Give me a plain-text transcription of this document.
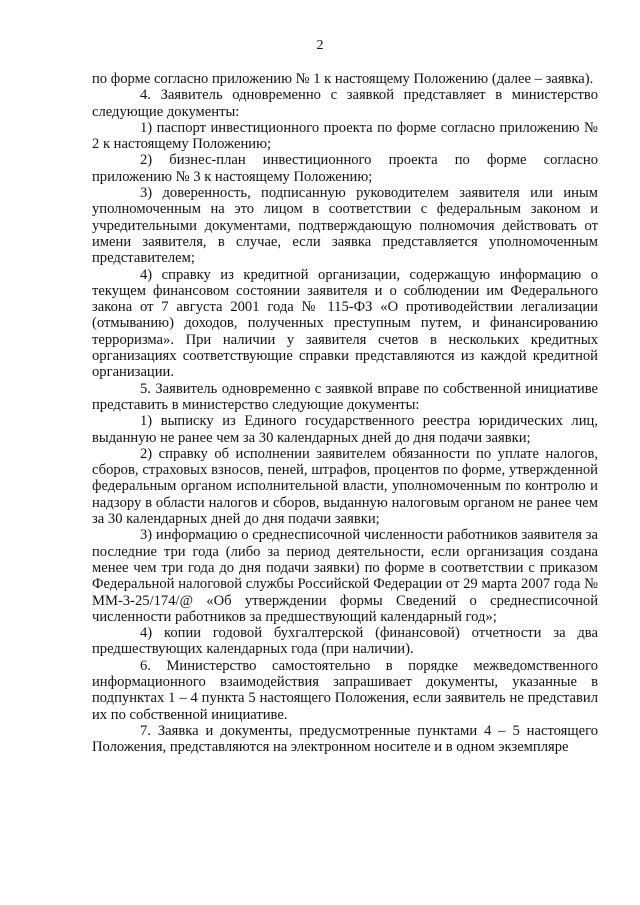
2

по форме согласно приложению № 1 к настоящему Положению (далее – заявка).

4. Заявитель одновременно с заявкой представляет в министерство следующие документы:

1) паспорт инвестиционного проекта по форме согласно приложению № 2 к настоящему Положению;

2) бизнес-план инвестиционного проекта по форме согласно приложению № 3 к настоящему Положению;

3) доверенность, подписанную руководителем заявителя или иным уполномоченным на это лицом в соответствии с федеральным законом и учредительными документами, подтверждающую полномочия действовать от имени заявителя, в случае, если заявка представляется уполномоченным представителем;

4) справку из кредитной организации, содержащую информацию о текущем финансовом состоянии заявителя и о соблюдении им Федерального закона от 7 августа 2001 года № 115-ФЗ «О противодействии легализации (отмыванию) доходов, полученных преступным путем, и финансированию терроризма». При наличии у заявителя счетов в нескольких кредитных организациях соответствующие справки представляются из каждой кредитной организации.

5. Заявитель одновременно с заявкой вправе по собственной инициативе представить в министерство следующие документы:

1) выписку из Единого государственного реестра юридических лиц, выданную не ранее чем за 30 календарных дней до дня подачи заявки;

2) справку об исполнении заявителем обязанности по уплате налогов, сборов, страховых взносов, пеней, штрафов, процентов по форме, утвержденной федеральным органом исполнительной власти, уполномоченным по контролю и надзору в области налогов и сборов, выданную налоговым органом не ранее чем за 30 календарных дней до дня подачи заявки;

3) информацию о среднесписочной численности работников заявителя за последние три года (либо за период деятельности, если организация создана менее чем три года до дня подачи заявки) по форме в соответствии с приказом Федеральной налоговой службы Российской Федерации от 29 марта 2007 года № ММ-3-25/174/@ «Об утверждении формы Сведений о среднесписочной численности работников за предшествующий календарный год»;

4) копии годовой бухгалтерской (финансовой) отчетности за два предшествующих календарных года (при наличии).

6. Министерство самостоятельно в порядке межведомственного информационного взаимодействия запрашивает документы, указанные в подпунктах 1 – 4 пункта 5 настоящего Положения, если заявитель не представил их по собственной инициативе.

7. Заявка и документы, предусмотренные пунктами 4 – 5 настоящего Положения, представляются на электронном носителе и в одном экземпляре
